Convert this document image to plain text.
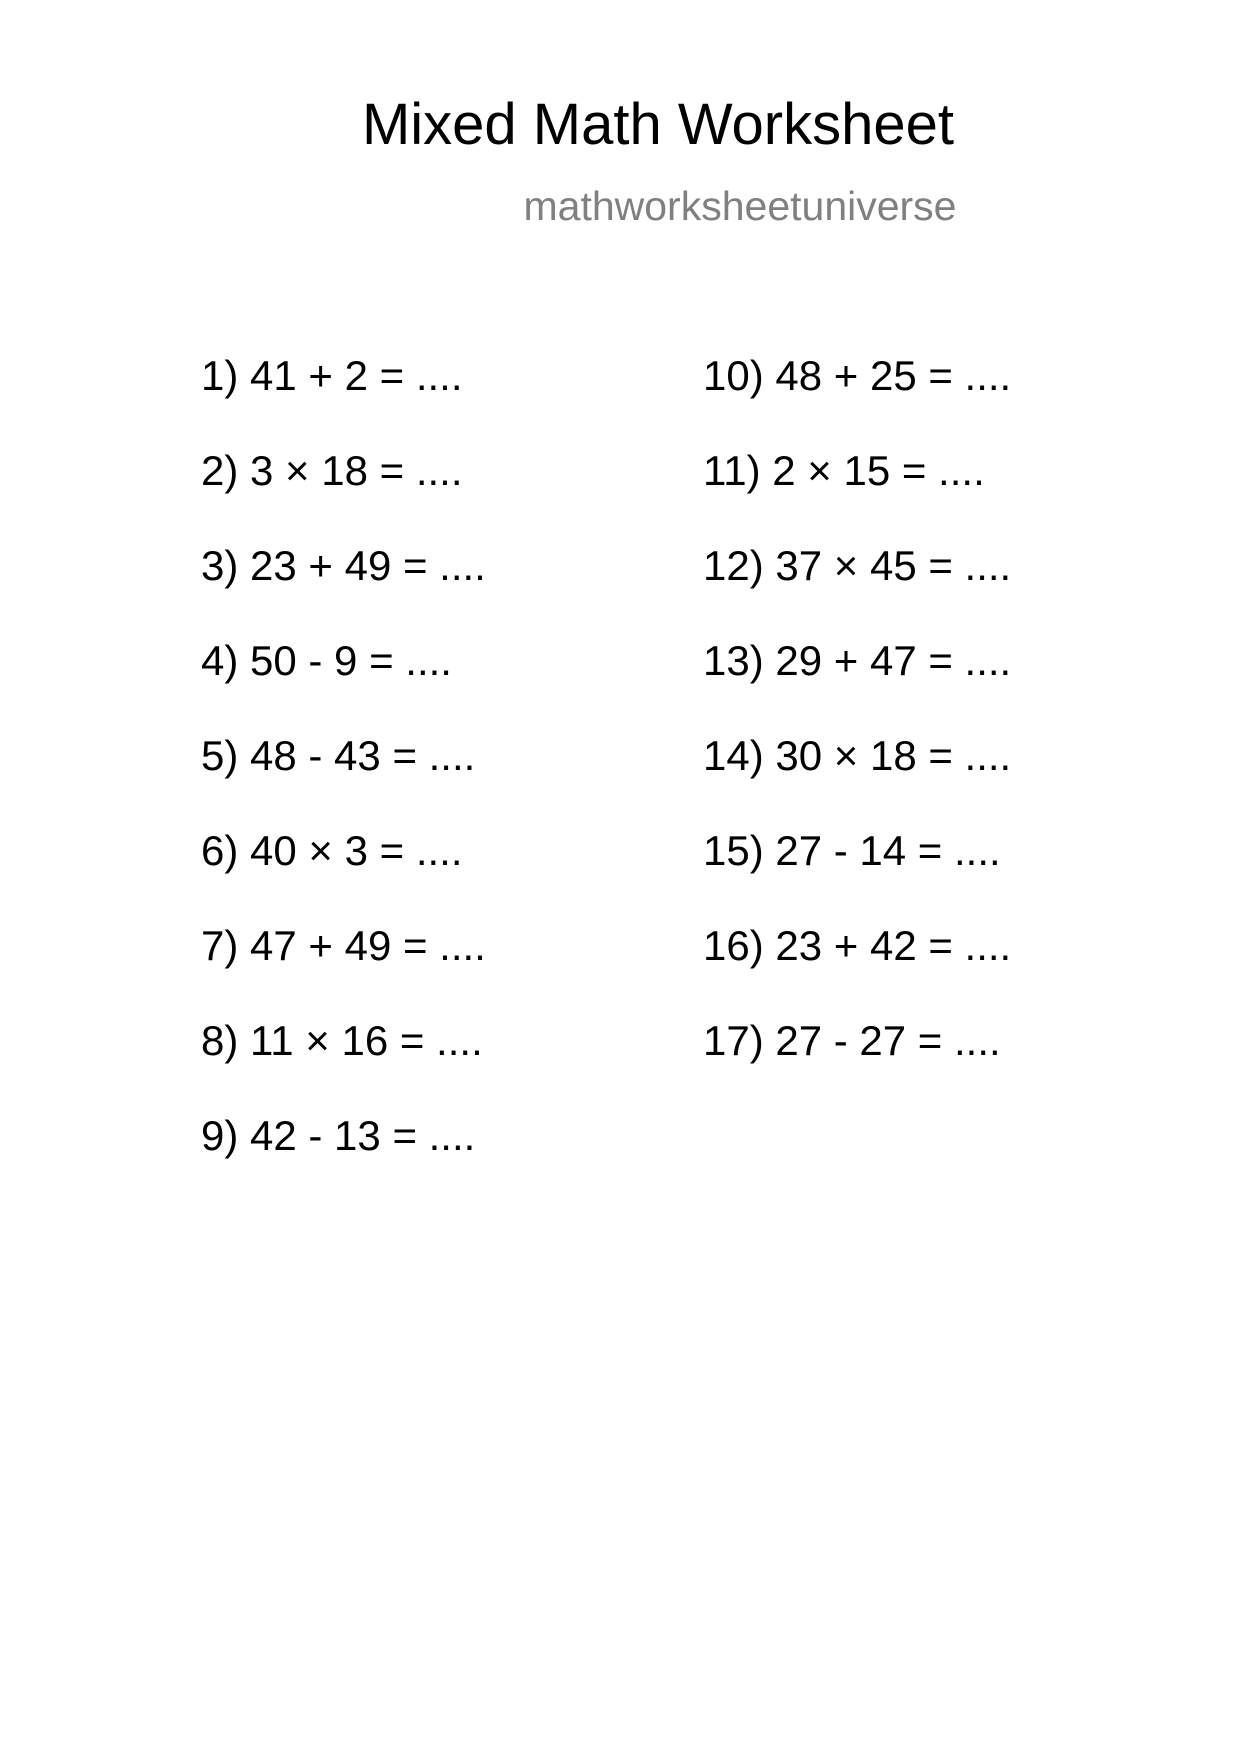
Mixed Math Worksheet
mathworksheetuniverse
1) 41 + 2 = ....
2) 3 × 18 = ....
3) 23 + 49 = ....
4) 50 - 9 = ....
5) 48 - 43 = ....
6) 40 × 3 = ....
7) 47 + 49 = ....
8) 11 × 16 = ....
9) 42 - 13 = ....
10) 48 + 25 = ....
11) 2 × 15 = ....
12) 37 × 45 = ....
13) 29 + 47 = ....
14) 30 × 18 = ....
15) 27 - 14 = ....
16) 23 + 42 = ....
17) 27 - 27 = ....
